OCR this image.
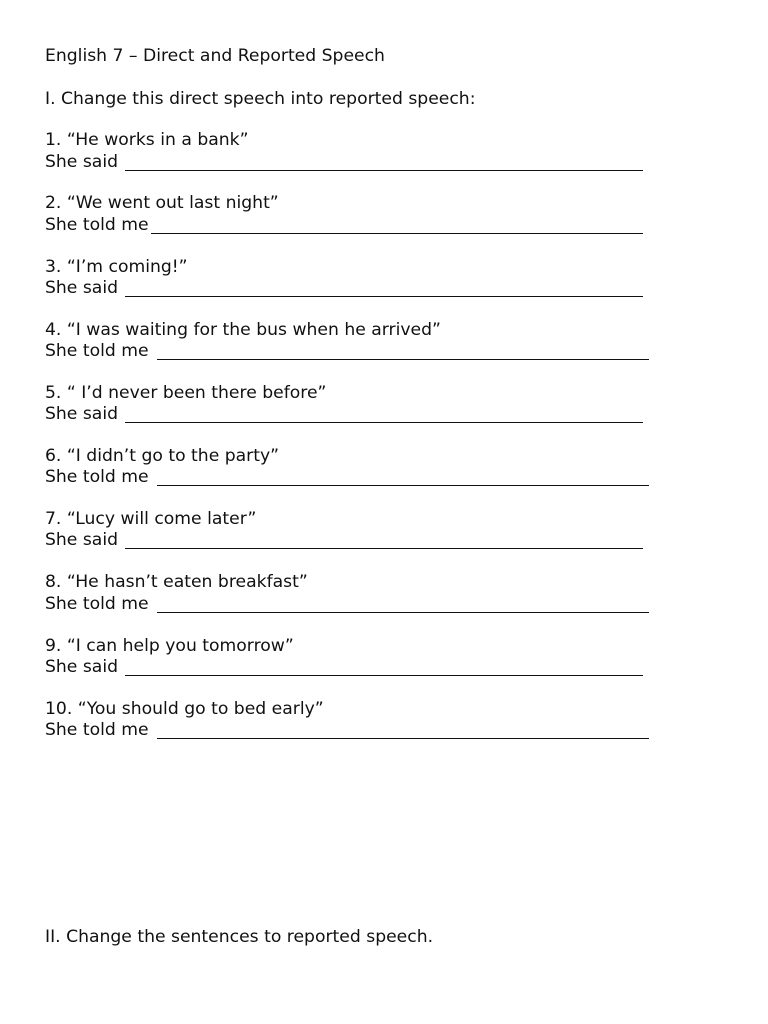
English 7 – Direct and Reported Speech
I. Change this direct speech into reported speech:
1. “He works in a bank”
She said
2. “We went out last night”
She told me
3. “I’m coming!”
She said
4. “I was waiting for the bus when he arrived”
She told me
5. “ I’d never been there before”
She said
6. “I didn’t go to the party”
She told me
7. “Lucy will come later”
She said
8. “He hasn’t eaten breakfast”
She told me
9. “I can help you tomorrow”
She said
10. “You should go to bed early”
She told me
II. Change the sentences to reported speech.
